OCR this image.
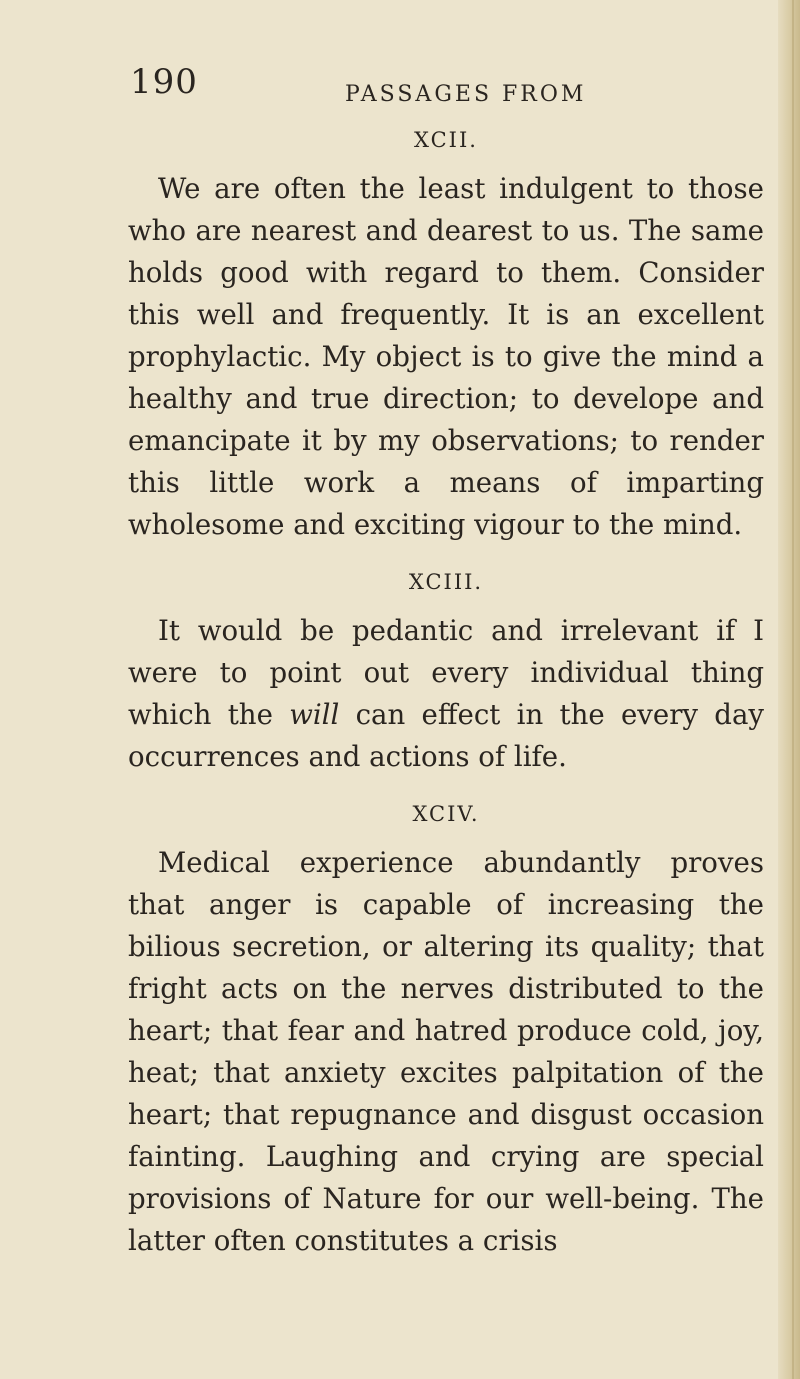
190	PASSAGES FROM

XCII.

We are often the least indulgent to those who are nearest and dearest to us. The same holds good with regard to them. Consider this well and frequently. It is an excellent prophylactic. My object is to give the mind a healthy and true direction; to develope and emancipate it by my observations; to render this little work a means of imparting wholesome and exciting vigour to the mind.

XCIII.

It would be pedantic and irrelevant if I were to point out every individual thing which the will can effect in the every day occurrences and actions of life.

XCIV.

Medical experience abundantly proves that anger is capable of increasing the bilious secretion, or altering its quality; that fright acts on the nerves distributed to the heart; that fear and hatred produce cold, joy, heat; that anxiety excites palpitation of the heart; that repugnance and disgust occasion fainting. Laughing and crying are special provisions of Nature for our well-being. The latter often constitutes a crisis
